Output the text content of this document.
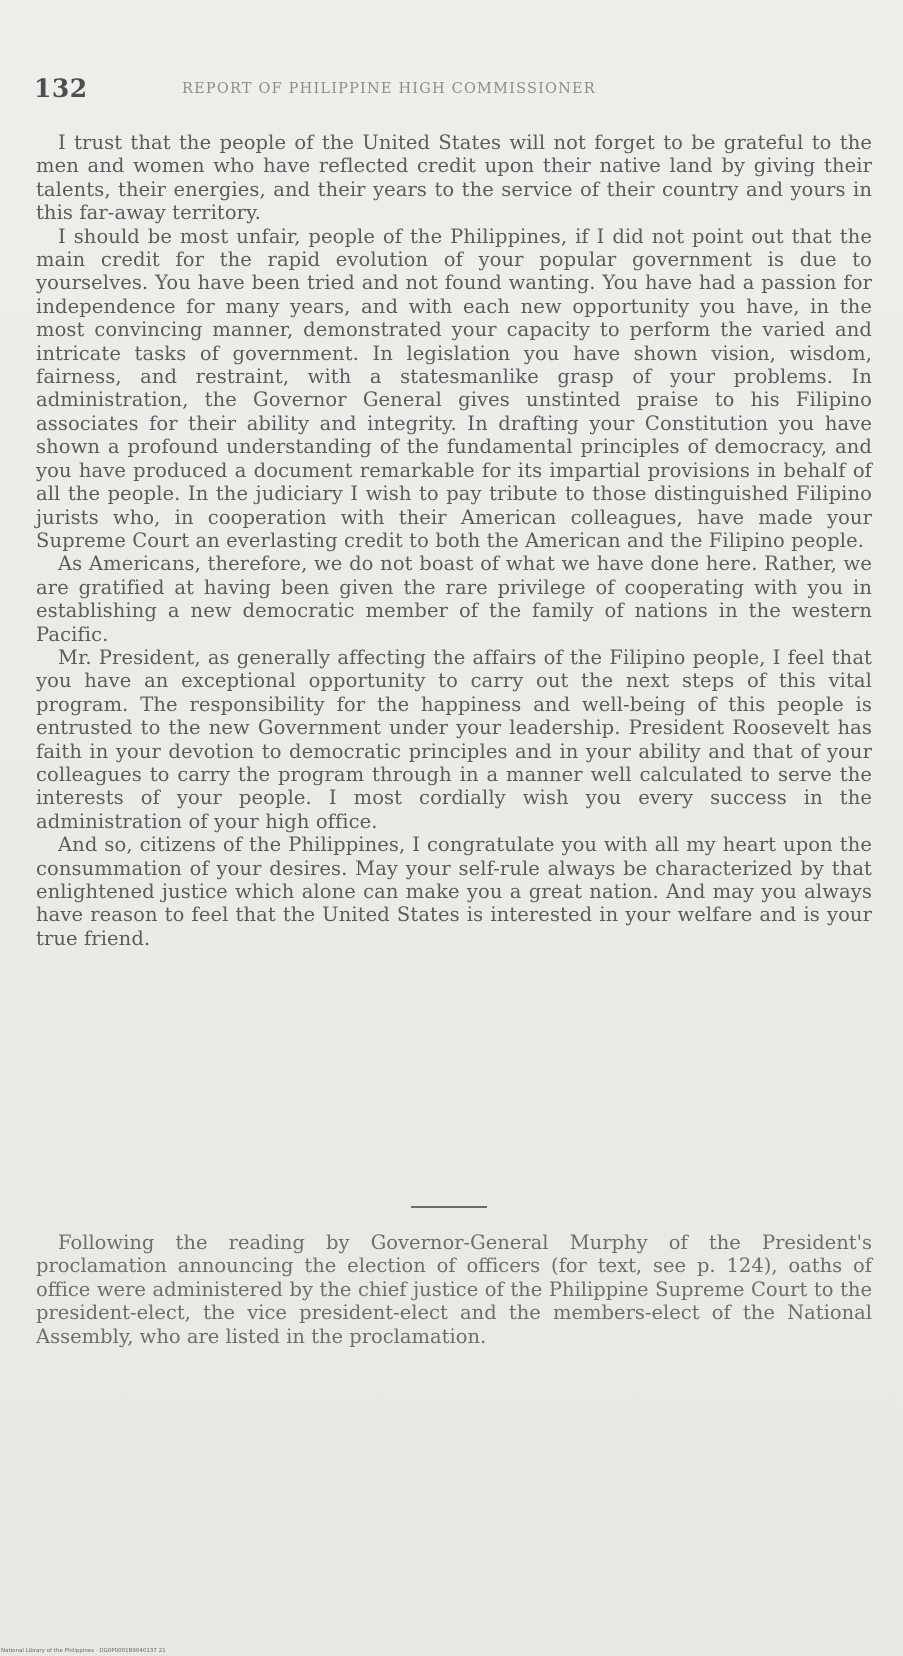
132	REPORT OF PHILIPPINE HIGH COMMISSIONER

I trust that the people of the United States will not forget to be grateful to the men and women who have reflected credit upon their native land by giving their talents, their energies, and their years to the service of their country and yours in this far-away territory.

I should be most unfair, people of the Philippines, if I did not point out that the main credit for the rapid evolution of your popular government is due to yourselves. You have been tried and not found wanting. You have had a passion for independence for many years, and with each new opportunity you have, in the most convincing manner, demonstrated your capacity to perform the varied and intricate tasks of government. In legislation you have shown vision, wisdom, fairness, and restraint, with a statesmanlike grasp of your problems. In administration, the Governor General gives unstinted praise to his Filipino associates for their ability and integrity. In drafting your Constitution you have shown a profound understanding of the fundamental principles of democracy, and you have produced a document remarkable for its impartial provisions in behalf of all the people. In the judiciary I wish to pay tribute to those distinguished Filipino jurists who, in cooperation with their American colleagues, have made your Supreme Court an everlasting credit to both the American and the Filipino people.

As Americans, therefore, we do not boast of what we have done here. Rather, we are gratified at having been given the rare privilege of cooperating with you in establishing a new democratic member of the family of nations in the western Pacific.

Mr. President, as generally affecting the affairs of the Filipino people, I feel that you have an exceptional opportunity to carry out the next steps of this vital program. The responsibility for the happiness and well-being of this people is entrusted to the new Government under your leadership. President Roosevelt has faith in your devotion to democratic principles and in your ability and that of your colleagues to carry the program through in a manner well calculated to serve the interests of your people. I most cordially wish you every success in the administration of your high office.

And so, citizens of the Philippines, I congratulate you with all my heart upon the consummation of your desires. May your self-rule always be characterized by that enlightened justice which alone can make you a great nation. And may you always have reason to feel that the United States is interested in your welfare and is your true friend.

Following the reading by Governor-General Murphy of the President's proclamation announcing the election of officers (for text, see p. 124), oaths of office were administered by the chief justice of the Philippine Supreme Court to the president-elect, the vice president-elect and the members-elect of the National Assembly, who are listed in the proclamation.

National Library of the Philippines · DG0P0001B9040137 21
